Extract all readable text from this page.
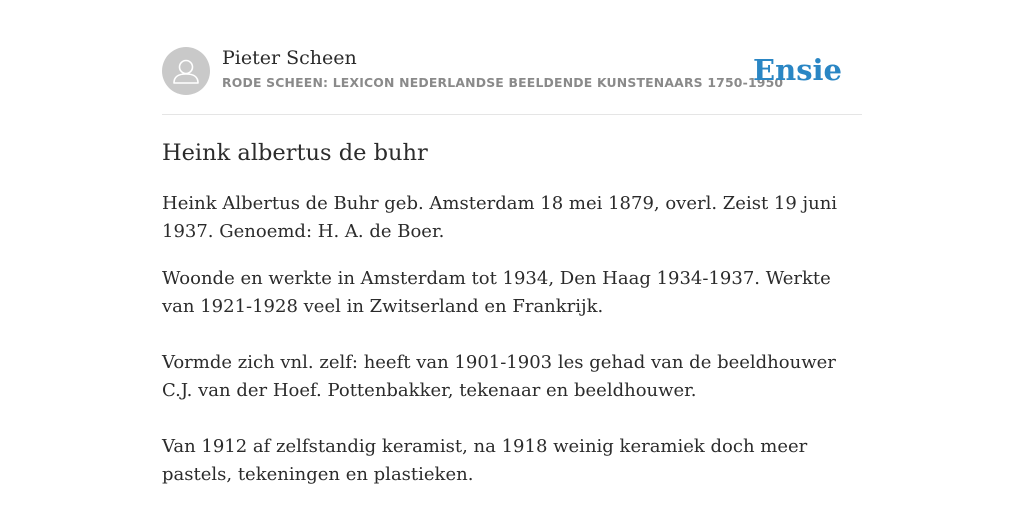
Pieter Scheen
RODE SCHEEN: LEXICON NEDERLANDSE BEELDENDE KUNSTENAARS 1750-1950
Ensie
Heink albertus de buhr

Heink Albertus de Buhr geb. Amsterdam 18 mei 1879, overl. Zeist 19 juni 1937. Genoemd: H. A. de Boer.

Woonde en werkte in Amsterdam tot 1934, Den Haag 1934-1937. Werkte van 1921-1928 veel in Zwitserland en Frankrijk.

Vormde zich vnl. zelf: heeft van 1901-1903 les gehad van de beeldhouwer C.J. van der Hoef. Pottenbakker, tekenaar en beeldhouwer.

Van 1912 af zelfstandig keramist, na 1918 weinig keramiek doch meer pastels, tekeningen en plastieken.
